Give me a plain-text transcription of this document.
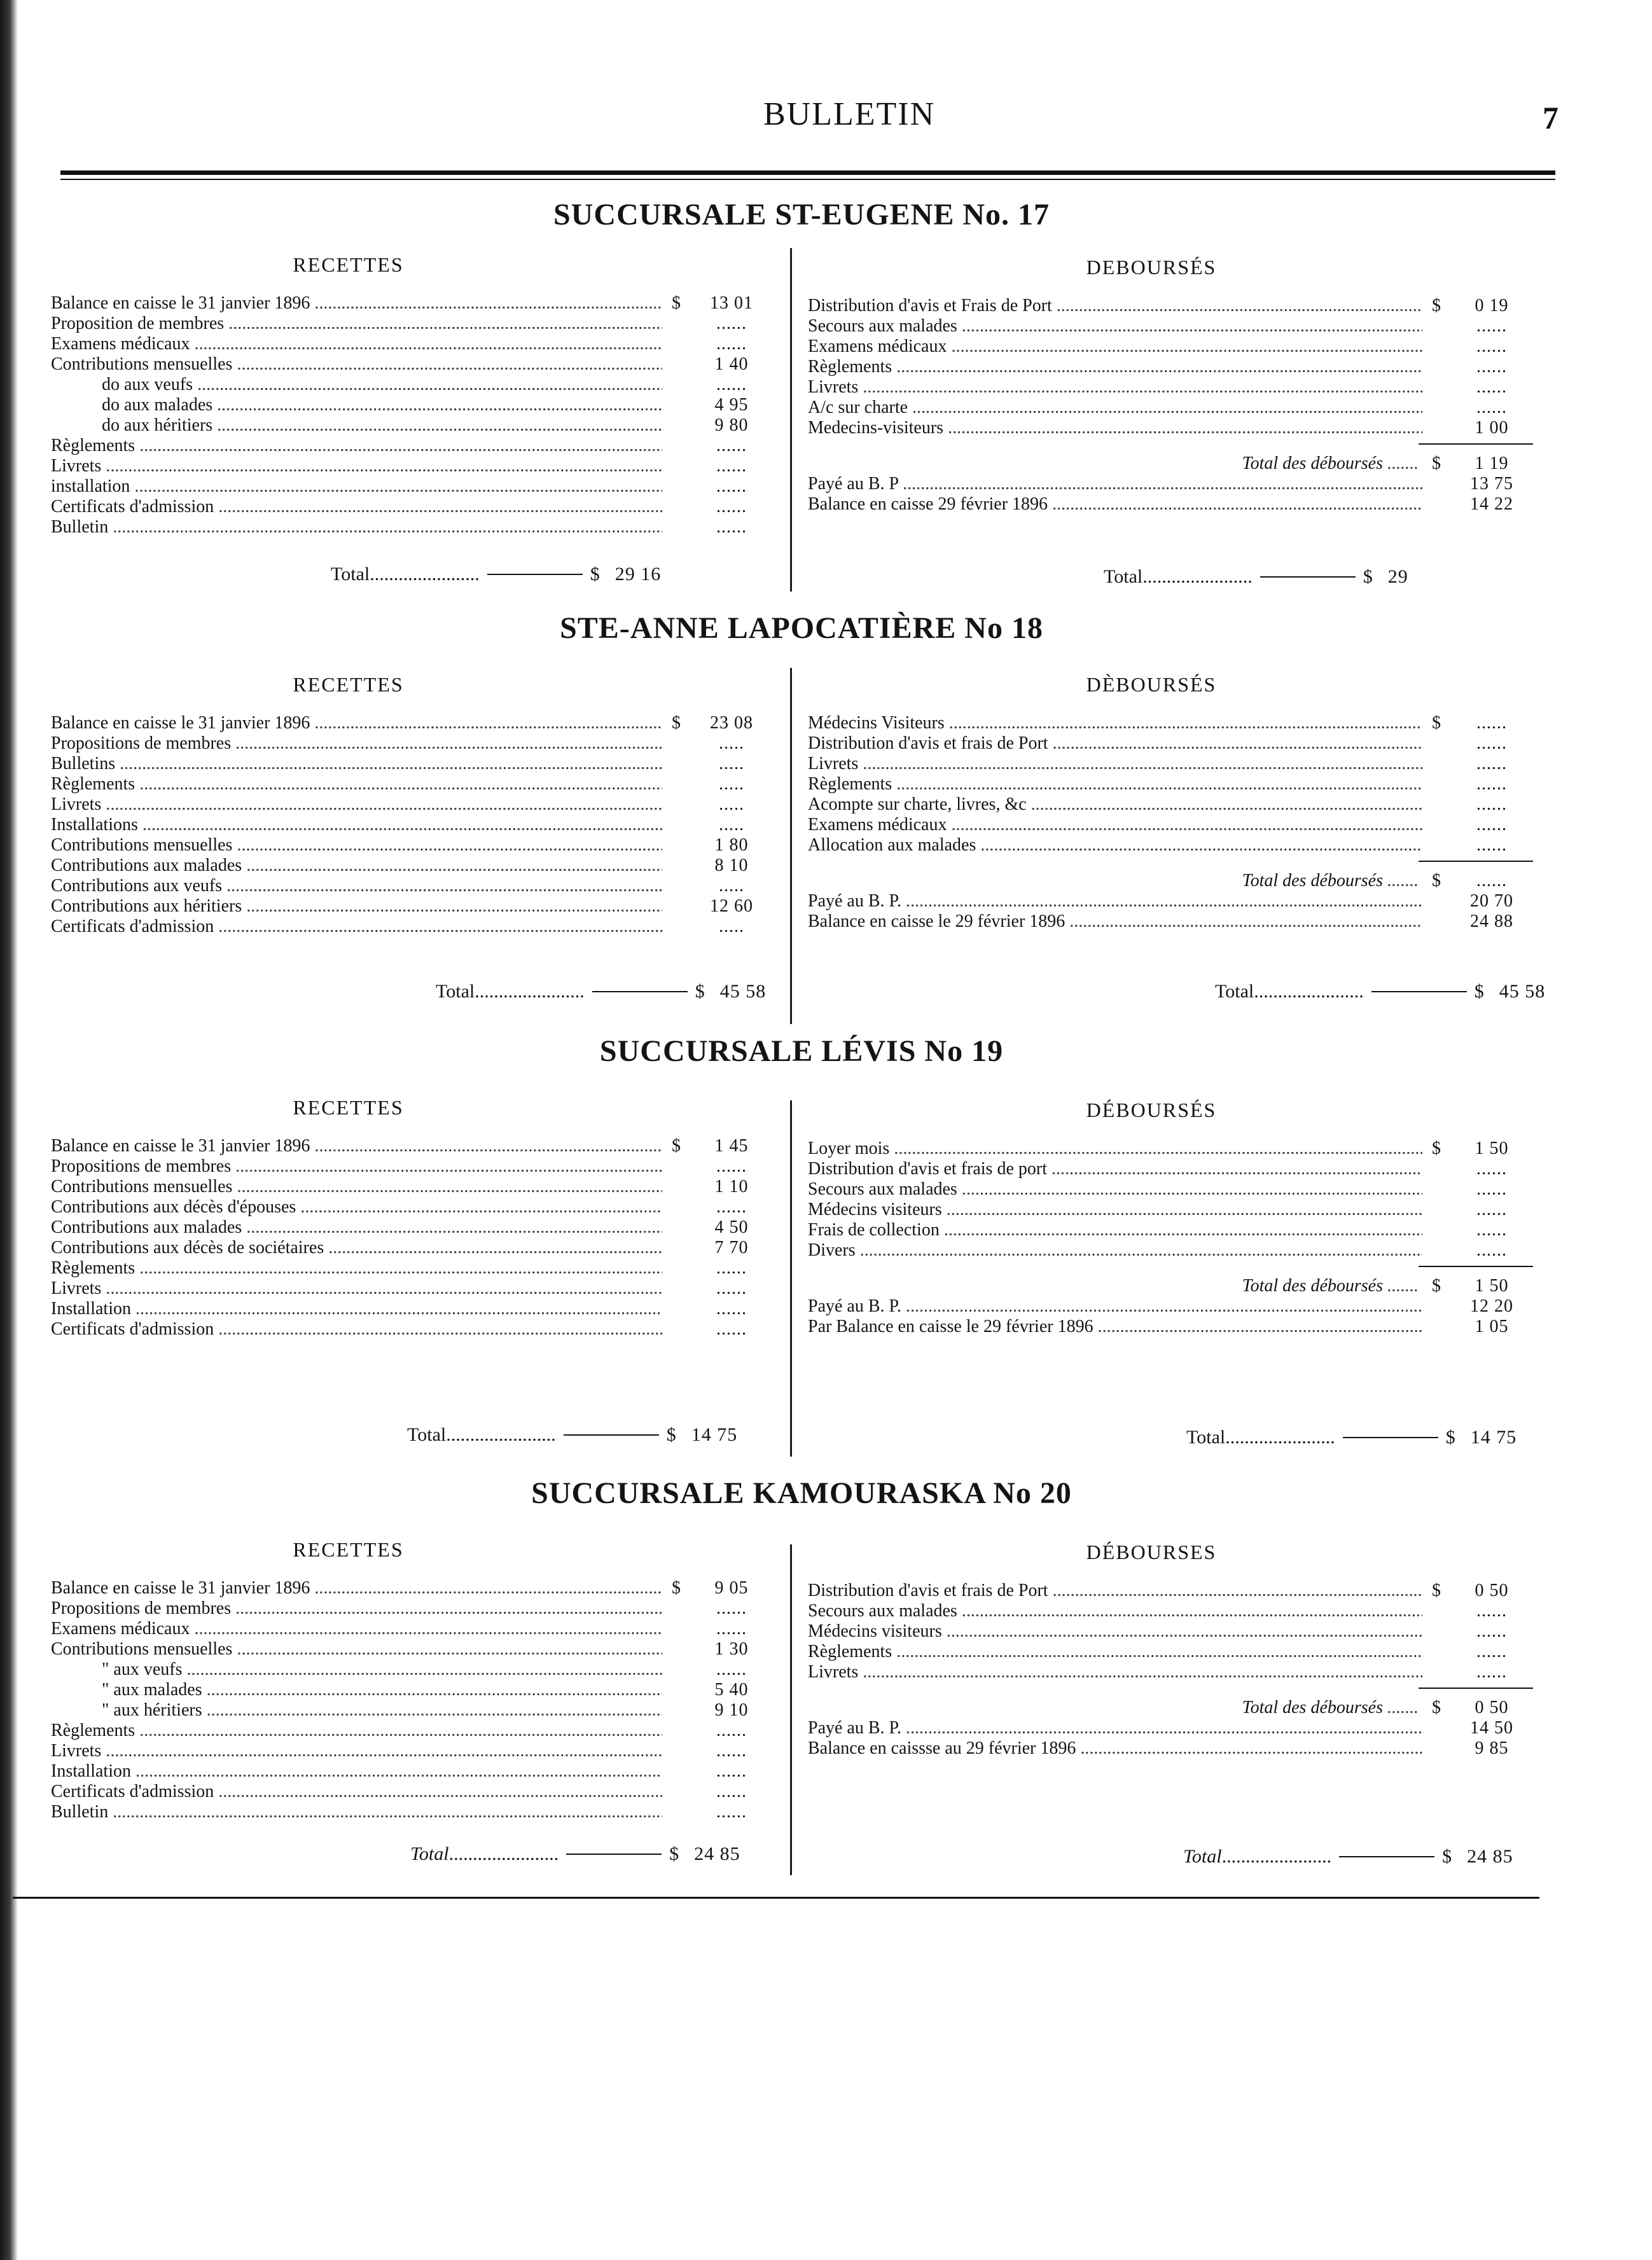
BULLETIN	7
SUCCURSALE ST-EUGENE No. 17
RECETTES
Balance en caisse le 31 janvier 1896 .....	$	13 01
Proposition de membres .....	......
Examens médicaux .....	......
Contributions mensuelles .....	1 40
do aux veufs .....	......
do aux malades .....	4 95
do aux héritiers .....	9 80
Règlements .....	......
Livrets .....	......
installation .....	......
Certificats d'admission .....	......
Bulletin .....	......
DEBOURSÉS
Distribution d'avis et Frais de Port .....	$	0 19
Secours aux malades .....	......
Examens médicaux .....	......
Règlements .....	......
Livrets .....	......
A/c sur charte .....	......
Medecins-visiteurs .....	1 00
Total des déboursés .......	$	1 19
Payé au B. P .....	13 75
Balance en caisse 29 février 1896 .....	14 22
Total .....	$ 29 16	Total .....	$ 29
STE-ANNE LAPOCATIÈRE No 18
RECETTES
Balance en caisse le 31 janvier 1896 .....	$	23 08
Propositions de membres .....	.....
Bulletins .....	.....
Règlements .....	.....
Livrets .....	.....
Installations .....	.....
Contributions mensuelles .....	1 80
Contributions aux malades .....	8 10
Contributions aux veufs .....	.....
Contributions aux héritiers .....	12 60
Certificats d'admission .....	.....
DÈBOURSÉS
Médecins Visiteurs .....	$	......
Distribution d'avis et frais de Port .....	......
Livrets .....	......
Règlements .....	......
Acompte sur charte, livres, &c .....	......
Examens médicaux .....	......
Allocation aux malades .....	......
Total des déboursés .......	$	......
Payé au B. P. .....	20 70
Balance en caisse le 29 février 1896 .....	24 88
Total .....	$ 45 58	Total .....	$ 45 58
SUCCURSALE LÉVIS No 19
RECETTES
Balance en caisse le 31 janvier 1896 .....	$	1 45
Propositions de membres .....	......
Contributions mensuelles .....	1 10
Contributions aux décès d'épouses .....	......
Contributions aux malades .....	4 50
Contributions aux décès de sociétaires .....	7 70
Règlements .....	......
Livrets .....	......
Installation .....	......
Certificats d'admission .....	......
DÉBOURSÉS
Loyer mois .....	$	1 50
Distribution d'avis et frais de port .....	......
Secours aux malades .....	......
Médecins visiteurs .....	......
Frais de collection .....	......
Divers .....	......
Total des déboursés .......	$	1 50
Payé au B. P. .....	12 20
Par Balance en caisse le 29 février 1896 .....	1 05
Total .....	$ 14 75	Total .....	$ 14 75
SUCCURSALE KAMOURASKA No 20
RECETTES
Balance en caisse le 31 janvier 1896 .....	$	9 05
Propositions de membres .....	......
Examens médicaux .....	......
Contributions mensuelles .....	1 30
" aux veufs .....	......
" aux malades .....	5 40
" aux héritiers .....	9 10
Règlements .....	......
Livrets .....	......
Installation .....	......
Certificats d'admission .....	......
Bulletin .....	......
DÉBOURSES
Distribution d'avis et frais de Port .....	$	0 50
Secours aux malades .....	......
Médecins visiteurs .....	......
Règlements .....	......
Livrets .....	......
Total des déboursés .......	$	0 50
Payé au B. P. .....	14 50
Balance en caissse au 29 février 1896 .....	9 85
Total .....	$ 24 85	Total .....	$ 24 85
